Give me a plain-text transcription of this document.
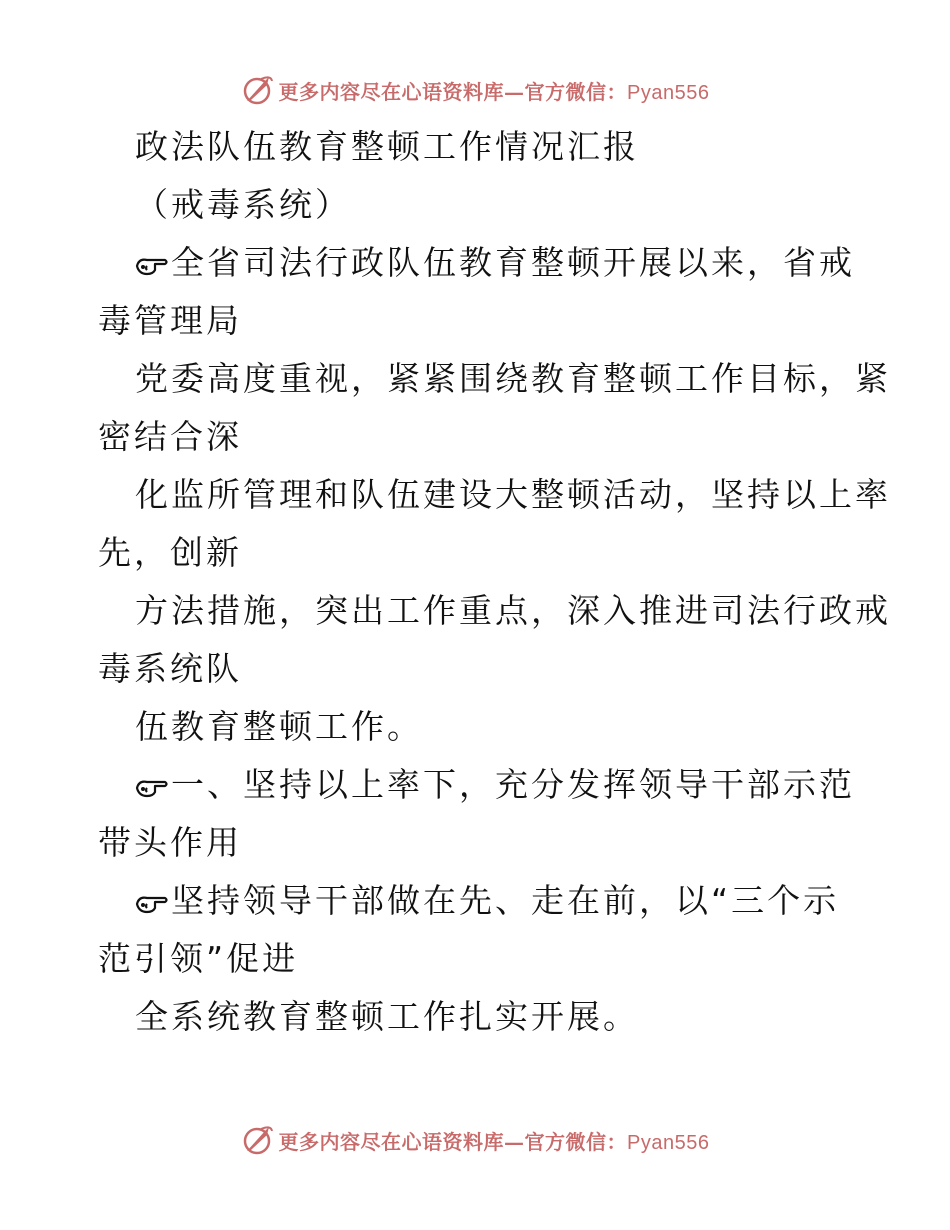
更多内容尽在心语资料库—官方微信：Pyan556
政法队伍教育整顿工作情况汇报
（戒毒系统）
全省司法行政队伍教育整顿开展以来，省戒
毒管理局
党委高度重视，紧紧围绕教育整顿工作目标，紧
密结合深
化监所管理和队伍建设大整顿活动，坚持以上率
先，创新
方法措施，突出工作重点，深入推进司法行政戒
毒系统队
伍教育整顿工作。
一、坚持以上率下，充分发挥领导干部示范
带头作用
坚持领导干部做在先、走在前，以“三个示
范引领”促进
全系统教育整顿工作扎实开展。
更多内容尽在心语资料库—官方微信：Pyan556
